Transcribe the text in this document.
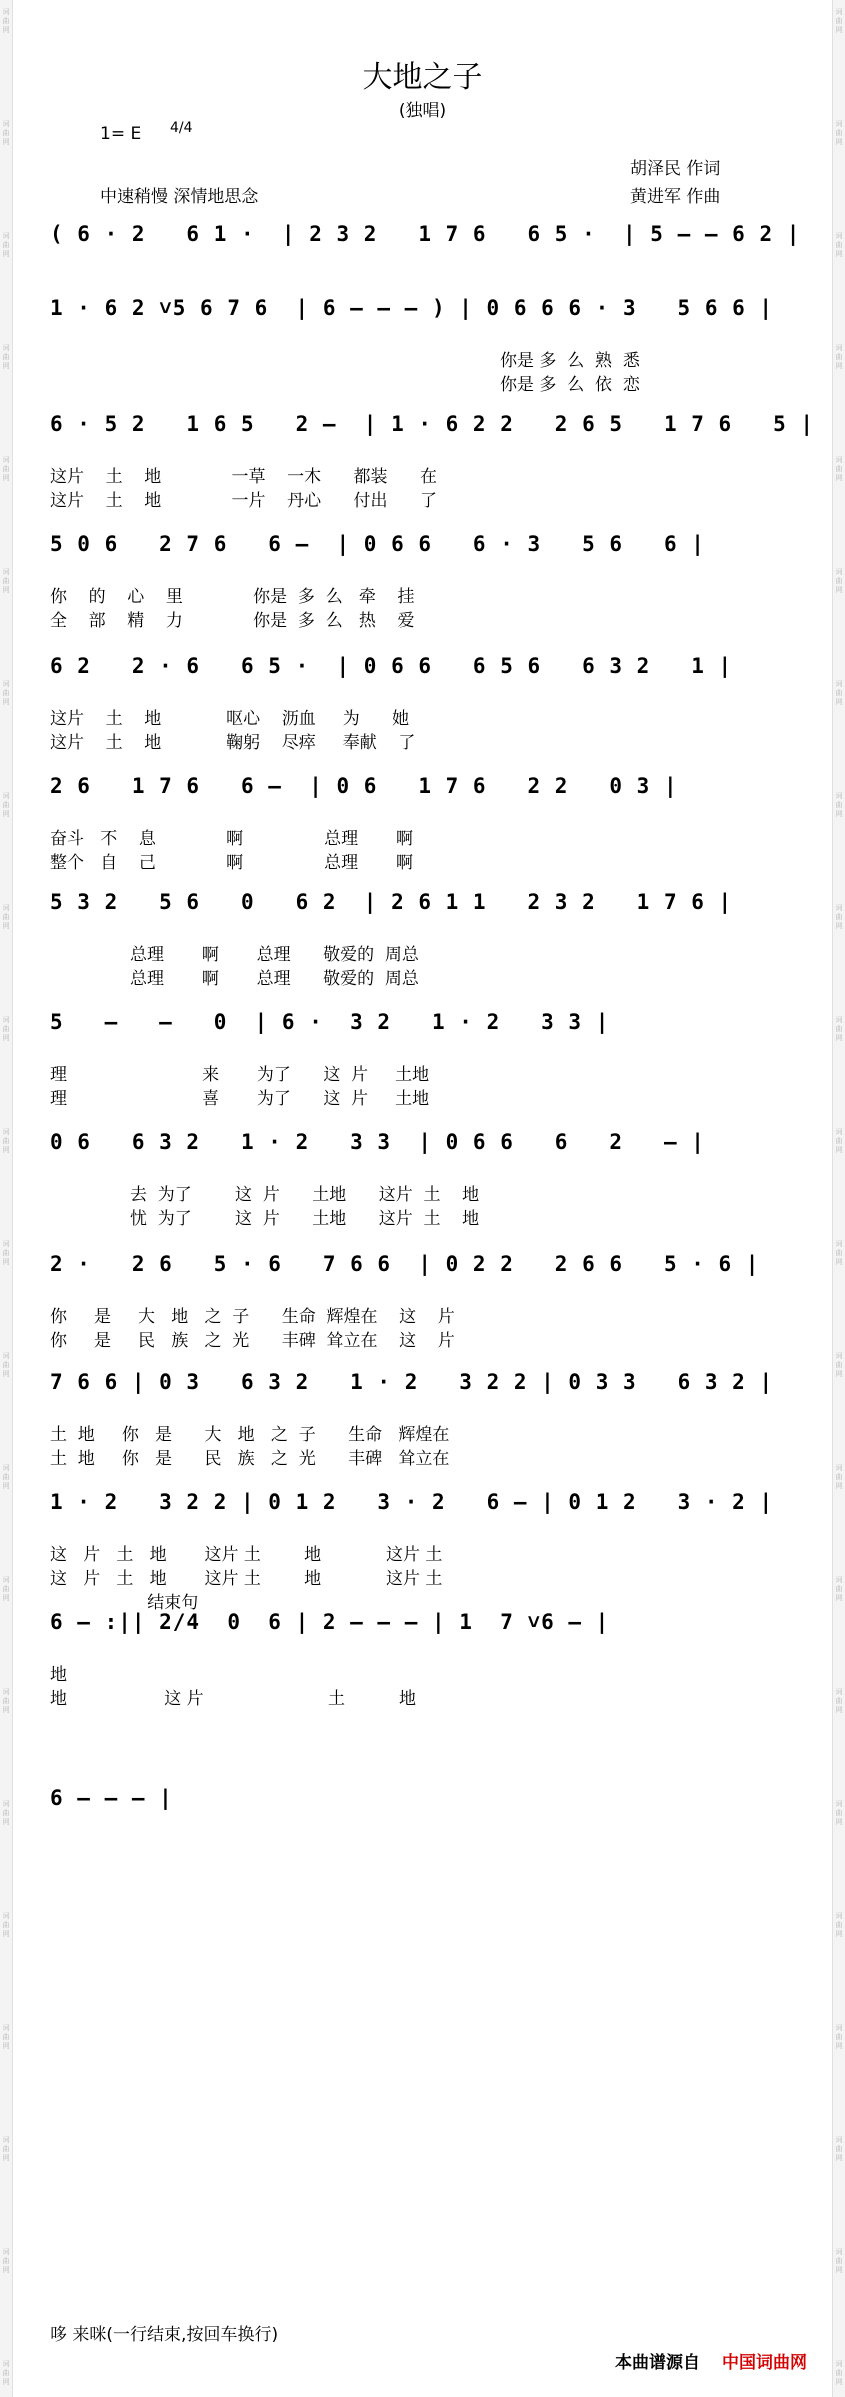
词
曲
网
词
曲
网
词
曲
网
词
曲
网
词
曲
网
词
曲
网
词
曲
网
词
曲
网
词
曲
网
词
曲
网
词
曲
网
词
曲
网
词
曲
网
词
曲
网
词
曲
网
词
曲
网
词
曲
网
词
曲
网
词
曲
网
词
曲
网
词
曲
网
词
曲
网
词
曲
网
词
曲
网
词
曲
网
词
曲
网
词
曲
网
词
曲
网
词
曲
网
词
曲
网
词
曲
网
词
曲
网
词
曲
网
词
曲
网
词
曲
网
词
曲
网
词
曲
网
词
曲
网
词
曲
网
词
曲
网
词
曲
网
词
曲
网
词
曲
网
词
曲
网
大地之子
(独唱)
1= E 4/4
中速稍慢 深情地思念
胡泽民 作词
黄进军 作曲
( 6 · 2   6 1 ·  | 2 3 2   1 7 6   6 5 ·  | 5 — — 6 2 |
1 · 6 2 ˅5 6 7 6  | 6 — — — ) | 0 6 6 6 · 3   5 6 6 |
你是 多  么  熟  悉
你是 多  么  依  恋
6 · 5 2   1 6 5   2 —  | 1 · 6 2 2   2 6 5   1 7 6   5 |
这片    土    地             一草    一木      都装      在
这片    土    地             一片    丹心      付出      了
5 0 6   2 7 6   6 —  | 0 6 6   6 · 3   5 6   6 |
你    的    心    里             你是  多  么   牵    挂
全    部    精    力             你是  多  么   热    爱
6 2   2 · 6   6 5 ·  | 0 6 6   6 5 6   6 3 2   1 |
这片    土    地            呕心    沥血     为      她
这片    土    地            鞠躬    尽瘁     奉献    了
2 6   1 7 6   6 —  | 0 6   1 7 6   2 2   0 3 |
奋斗   不    息             啊               总理       啊
整个   自    己             啊               总理       啊
5 3 2   5 6   0   6 2  | 2 6 1 1   2 3 2   1 7 6 |
总理       啊       总理      敬爱的  周总
总理       啊       总理      敬爱的  周总
5   —   —   0  | 6 ·  3 2   1 · 2   3 3 |
理                         来       为了      这  片     土地
理                         喜       为了      这  片     土地
0 6   6 3 2   1 · 2   3 3  | 0 6 6   6   2   — |
去  为了        这  片      土地      这片  土    地
忧  为了        这  片      土地      这片  土    地
2 ·   2 6   5 · 6   7 6 6  | 0 2 2   2 6 6   5 · 6 |
你     是     大   地   之  子      生命  辉煌在    这    片
你     是     民   族   之  光      丰碑  耸立在    这    片
7 6 6 | 0 3   6 3 2   1 · 2   3 2 2 | 0 3 3   6 3 2 |
土  地     你   是      大   地   之  子      生命   辉煌在
土  地     你   是      民   族   之  光      丰碑   耸立在
1 · 2   3 2 2 | 0 1 2   3 · 2   6 — | 0 1 2   3 · 2 |
这   片   土   地       这片 土        地            这片 土
这   片   土   地       这片 土        地            这片 土
结束句
6 — :|| 2/4  0  6 | 2 — — — | 1  7 ˅6 — |
地
地                  这 片                       土          地
6 — — — |
哆 来咪(一行结束,按回车换行)
本曲谱源自 中国词曲网
